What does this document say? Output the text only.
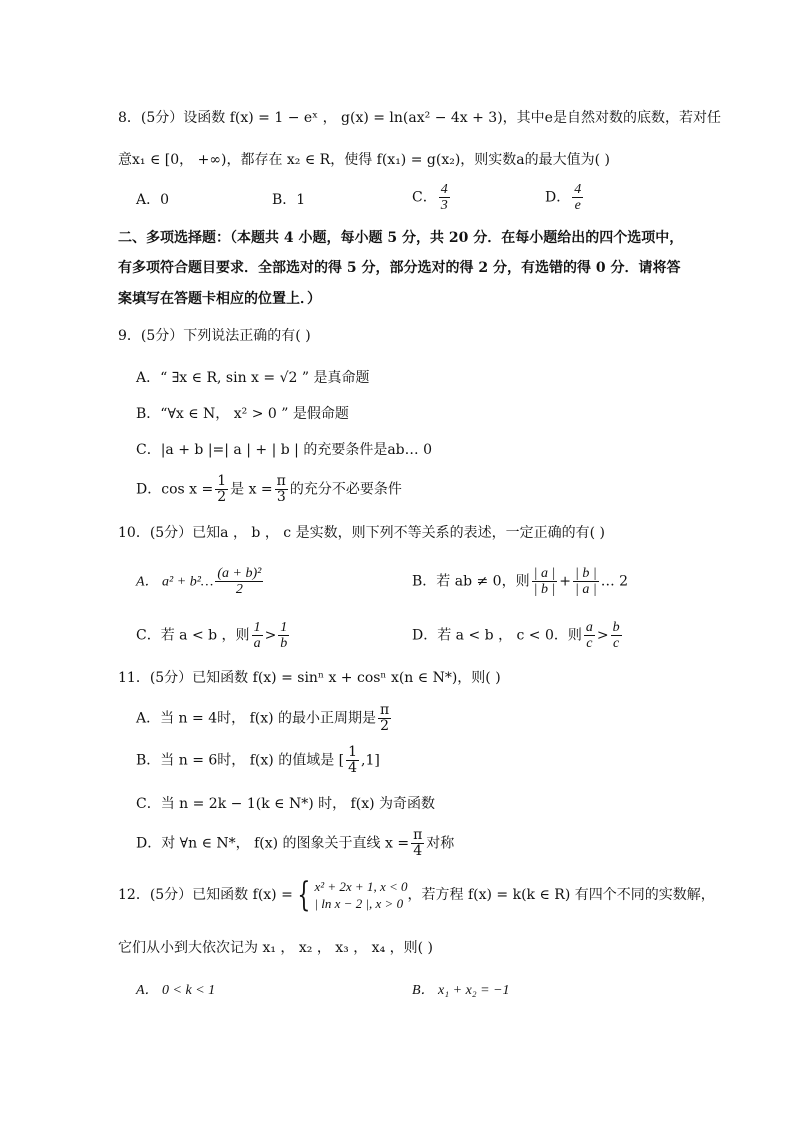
8．(5分）设函数 f(x) = 1 − eˣ ， g(x) = ln(ax² − 4x + 3)，其中e是自然对数的底数，若对任
意x₁ ∈ [0， +∞)，都存在 x₂ ∈ R，使得 f(x₁) = g(x₂)，则实数a的最大值为( )
A．0	B．1	C． $\frac{4}{3}$	D． $\frac{4}{e}$
二、多项选择题：（本题共 4 小题，每小题 5 分，共 20 分．在每小题给出的四个选项中，
有多项符合题目要求．全部选对的得 5 分，部分选对的得 2 分，有选错的得 0 分．请将答
案填写在答题卡相应的位置上．）
9．(5分）下列说法正确的有( )
A．“ ∃x ∈ R, sin x = √2 ” 是真命题
B．“∀x ∈ N， x² > 0 ” 是假命题
C．|a + b |=| a | + | b | 的充要条件是ab… 0
D．$\cos x = \frac{1}{2}$ 是 $x = \frac{\pi}{3}$ 的充分不必要条件
10．(5分）已知a ， b ， c 是实数，则下列不等关系的表述，一定正确的有( )
A． a² + b²… $\frac{\text{(a + b)²}}{2}$	B．若 ab ≠ 0，则 $\frac{| a |}{| b |} + \frac{| b |}{| a |}$ … 2
C．若 a < b ，则 $\frac{1}{a} > \frac{1}{b}$	D．若 a < b ， c < 0．则 $\frac{a}{c} > \frac{b}{c}$
11．(5分）已知函数 f(x) = sinⁿ x + cosⁿ x(n ∈ N*)，则( )
A．当 n = 4时， f(x) 的最小正周期是 $\frac{\pi}{2}$
B．当 n = 6时， f(x) 的值域是 [ $\frac{1}{4} ,1$]
C．当 n = 2k − 1(k ∈ N*) 时， f(x) 为奇函数
D．对 ∀n ∈ N*， f(x) 的图象关于直线 $x = \frac{\pi}{4}$ 对称
12．(5分）已知函数 f(x) = { x² + 2x + 1, x < 0
| ln x − 2 |, x > 0
，若方程 f(x) = k(k ∈ R) 有四个不同的实数解，
它们从小到大依次记为 x₁ ， x₂ ， x₃ ， x₄ ，则( )
A． 0 < k < 1	B． x₁ + x₂ = −1
